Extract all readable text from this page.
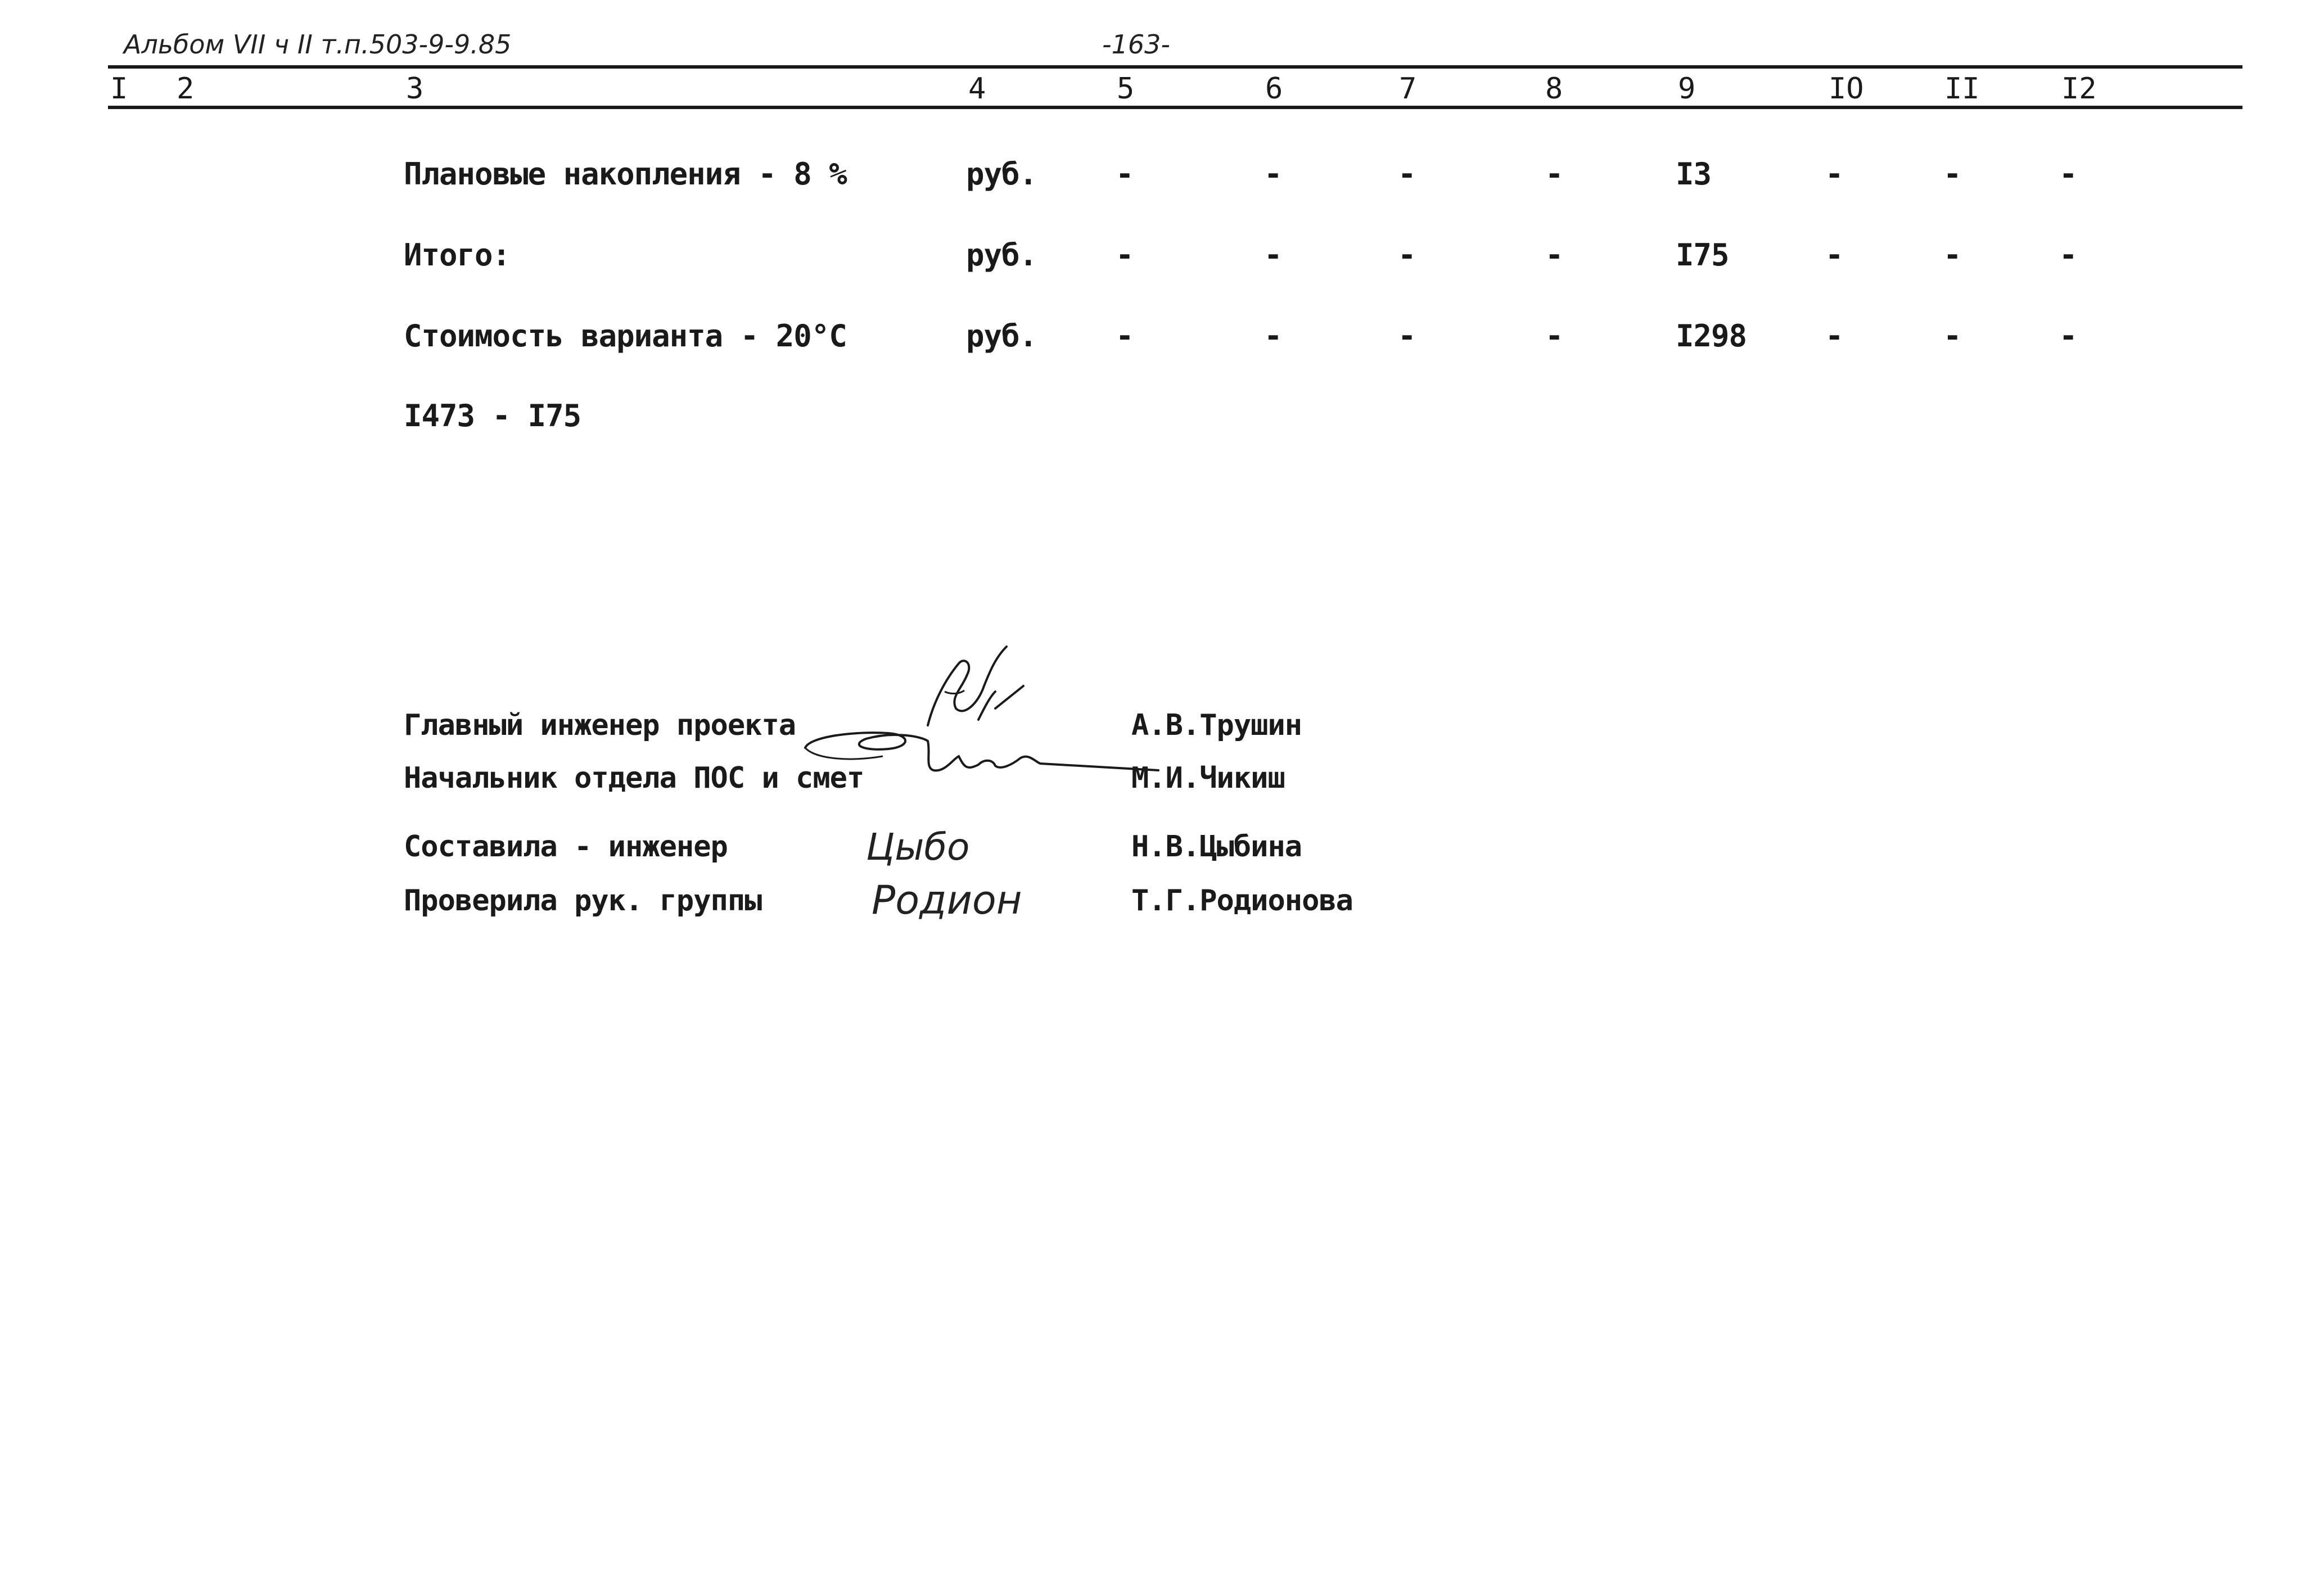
Альбом VII ч II т.п.503-9-9.85	-163-
I 2	3	4	5	6	7	8	9	IO	II	I2
Плановые накопления - 8 %	руб.	-	-	-	-	I3	-	-	-
Итого:	руб.	-	-	-	-	I75	-	-	-
Стоимость варианта - 20°С	руб.	-	-	-	-	I298	-	-	-
I473 - I75
Главный инженер проекта	А.В.Трушин
Начальник отдела ПОС и смет	М.И.Чикиш
Составила - инженер	Н.В.Цыбина
Проверила рук. группы	Т.Г.Родионова
Цыбо
Родион
